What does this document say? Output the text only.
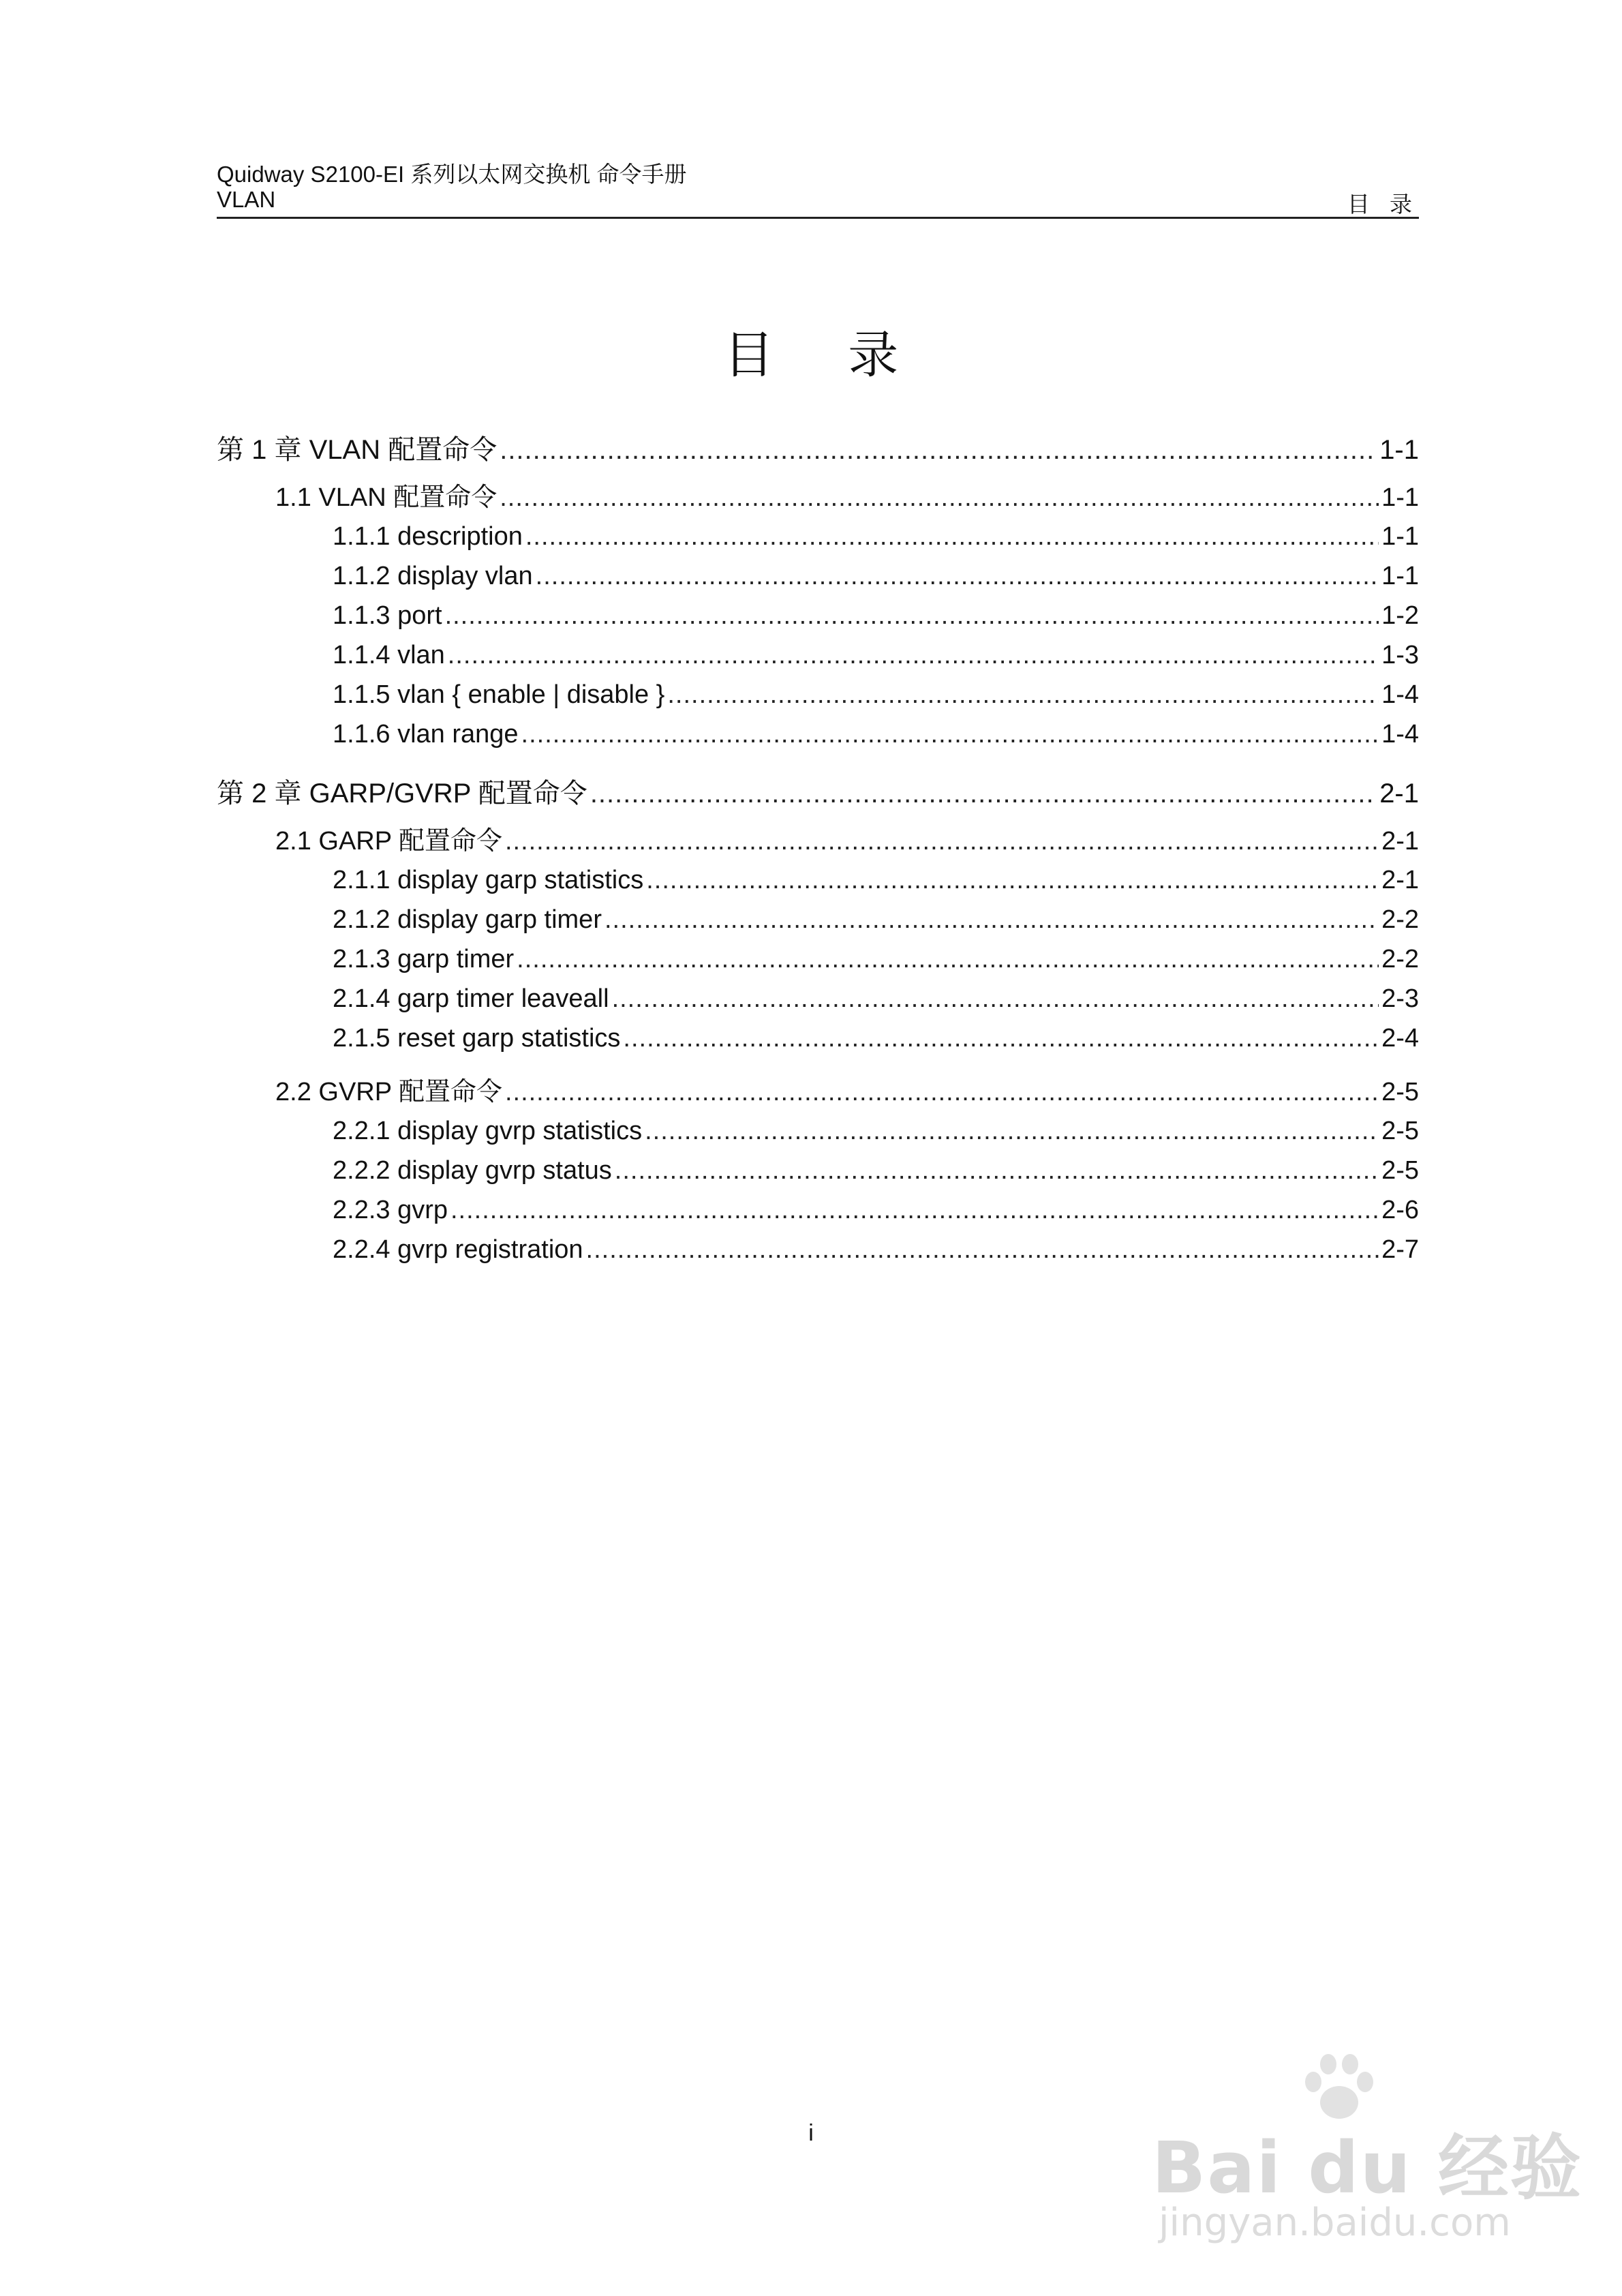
Quidway S2100-EI 系列以太网交换机 命令手册
VLAN	目 录
目 录
第 1 章 VLAN 配置命令 .....	1-1
1.1 VLAN 配置命令 .....	1-1
1.1.1 description .....	1-1
1.1.2 display vlan .....	1-1
1.1.3 port .....	1-2
1.1.4 vlan .....	1-3
1.1.5 vlan { enable | disable } .....	1-4
1.1.6 vlan range .....	1-4
第 2 章 GARP/GVRP 配置命令 .....	2-1
2.1 GARP 配置命令 .....	2-1
2.1.1 display garp statistics .....	2-1
2.1.2 display garp timer .....	2-2
2.1.3 garp timer .....	2-2
2.1.4 garp timer leaveall .....	2-3
2.1.5 reset garp statistics .....	2-4
2.2 GVRP 配置命令 .....	2-5
2.2.1 display gvrp statistics .....	2-5
2.2.2 display gvrp status .....	2-5
2.2.3 gvrp .....	2-6
2.2.4 gvrp registration .....	2-7
i	Bai du 经验
jingyan.baidu.com
